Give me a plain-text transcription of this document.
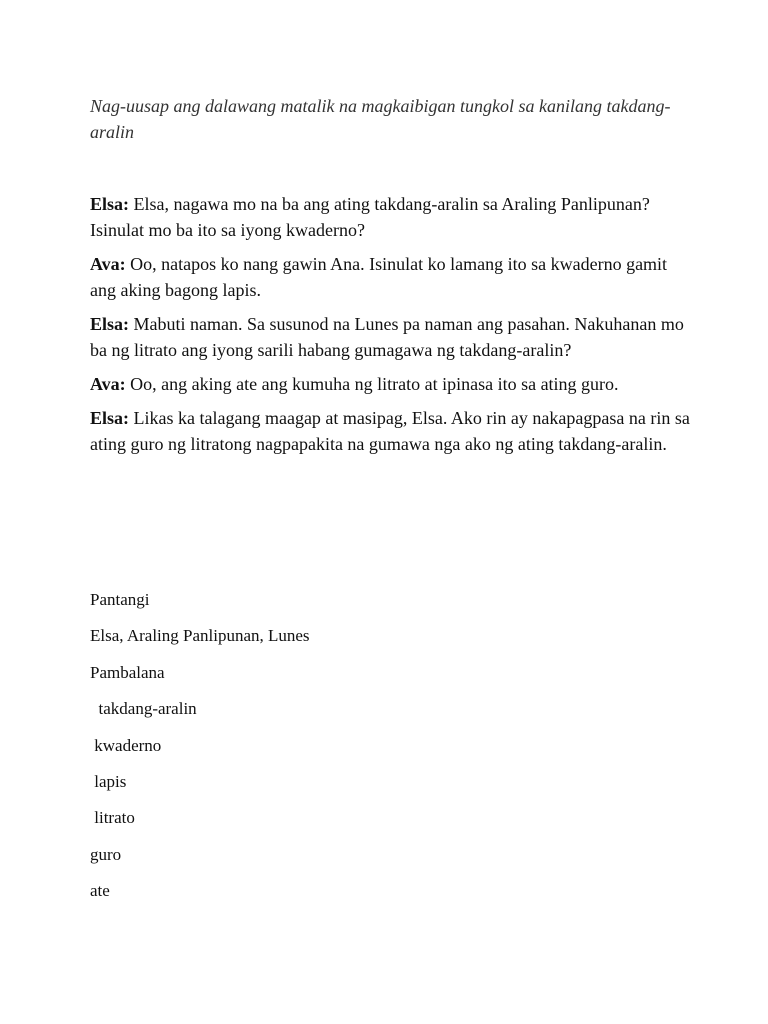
Nag-uusap ang dalawang matalik na magkaibigan tungkol sa kanilang takdang-aralin

Elsa: Elsa, nagawa mo na ba ang ating takdang-aralin sa Araling Panlipunan? Isinulat mo ba ito sa iyong kwaderno?

Ava: Oo, natapos ko nang gawin Ana. Isinulat ko lamang ito sa kwaderno gamit ang aking bagong lapis.

Elsa: Mabuti naman. Sa susunod na Lunes pa naman ang pasahan. Nakuhanan mo ba ng litrato ang iyong sarili habang gumagawa ng takdang-aralin?

Ava: Oo, ang aking ate ang kumuha ng litrato at ipinasa ito sa ating guro.

Elsa: Likas ka talagang maagap at masipag, Elsa. Ako rin ay nakapagpasa na rin sa ating guro ng litratong nagpapakita na gumawa nga ako ng ating takdang-aralin.

Pantangi
Elsa, Araling Panlipunan, Lunes
Pambalana
takdang-aralin
kwaderno
lapis
litrato
guro
ate
